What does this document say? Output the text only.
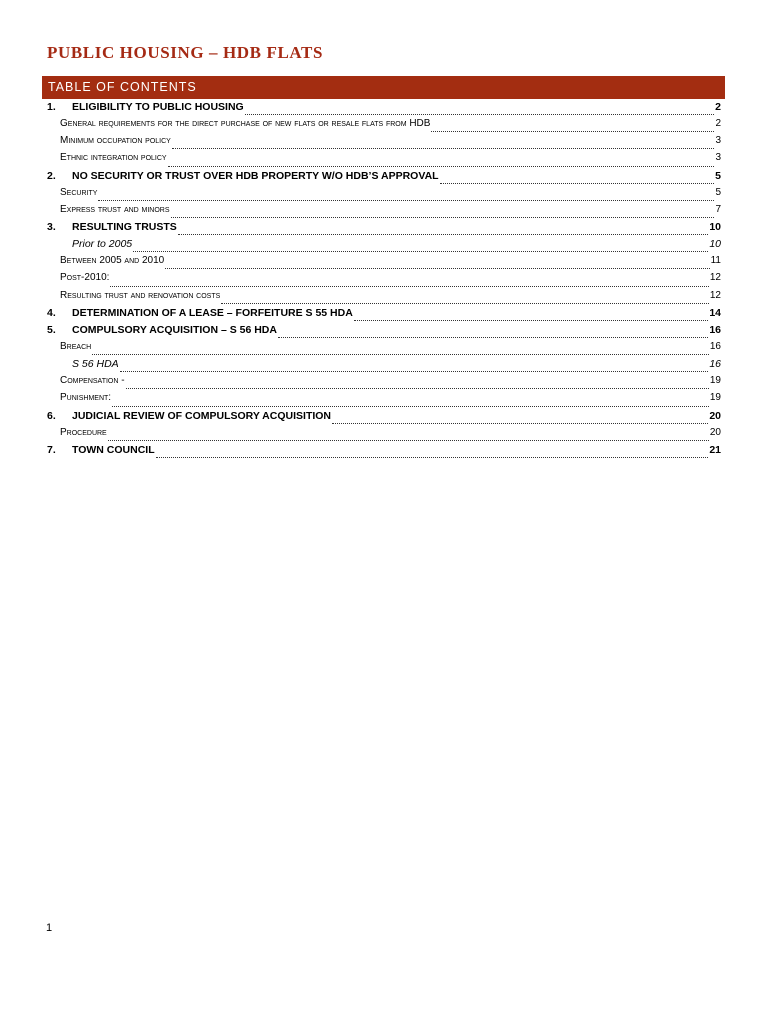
PUBLIC HOUSING – HDB FLATS
TABLE OF CONTENTS
1.	ELIGIBILITY TO PUBLIC HOUSING	2
General requirements for the direct purchase of new flats or resale flats from HDB	2
Minimum occupation policy	3
Ethnic integration policy	3
2.	NO SECURITY OR TRUST OVER HDB PROPERTY W/O HDB’S APPROVAL	5
Security	5
Express trust and minors	7
3.	RESULTING TRUSTS	10
Prior to 2005	10
Between 2005 and 2010	11
Post-2010:	12
Resulting trust and renovation costs	12
4.	DETERMINATION OF A LEASE – FORFEITURE S 55 HDA	14
5.	COMPULSORY ACQUISITION – S 56 HDA	16
Breach	16
S 56 HDA	16
Compensation -	19
Punishment:	19
6.	JUDICIAL REVIEW OF COMPULSORY ACQUISITION	20
Procedure	20
7.	TOWN COUNCIL	21
1
